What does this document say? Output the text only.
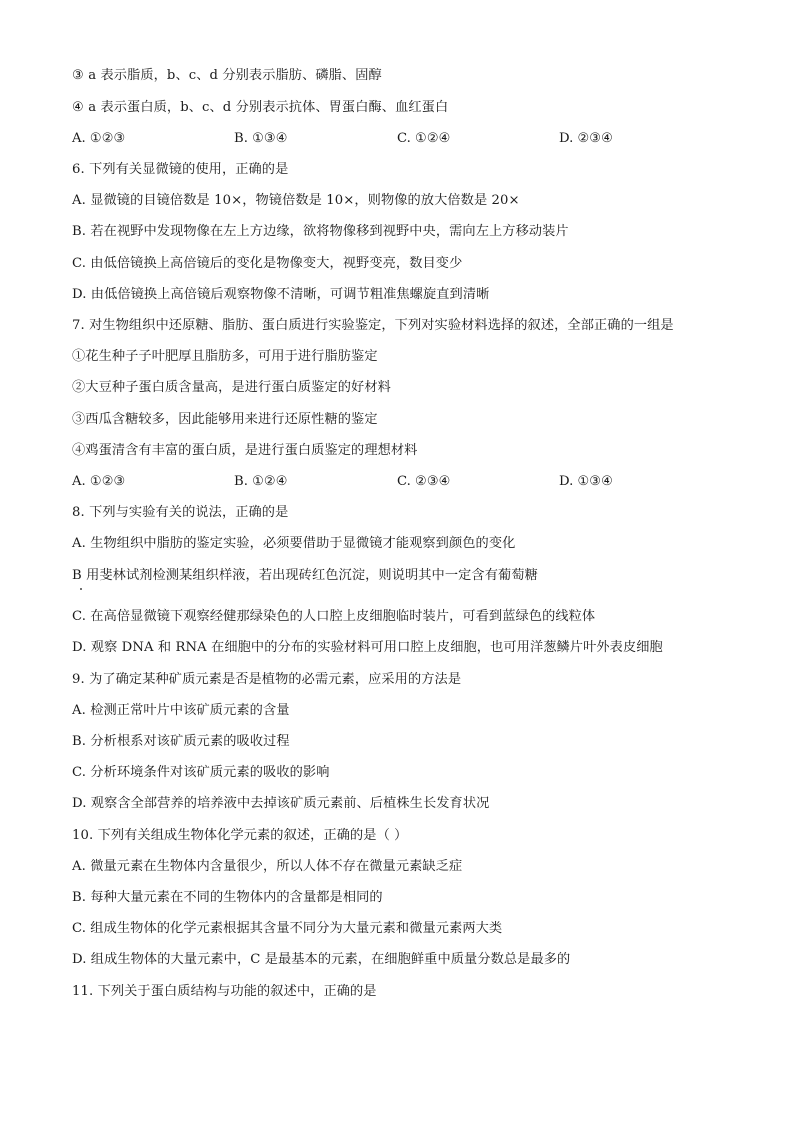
③ a 表示脂质，b、c、d 分别表示脂肪、磷脂、固醇
④ a 表示蛋白质，b、c、d 分别表示抗体、胃蛋白酶、血红蛋白
A. ①②③	B. ①③④	C. ①②④	D. ②③④
6. 下列有关显微镜的使用，正确的是
A. 显微镜的目镜倍数是 10×，物镜倍数是 10×，则物像的放大倍数是 20×
B. 若在视野中发现物像在左上方边缘，欲将物像移到视野中央，需向左上方移动装片
C. 由低倍镜换上高倍镜后的变化是物像变大，视野变亮，数目变少
D. 由低倍镜换上高倍镜后观察物像不清晰，可调节粗准焦螺旋直到清晰
7. 对生物组织中还原糖、脂肪、蛋白质进行实验鉴定，下列对实验材料选择的叙述，全部正确的一组是
①花生种子子叶肥厚且脂肪多，可用于进行脂肪鉴定
②大豆种子蛋白质含量高，是进行蛋白质鉴定的好材料
③西瓜含糖较多，因此能够用来进行还原性糖的鉴定
④鸡蛋清含有丰富的蛋白质，是进行蛋白质鉴定的理想材料
A. ①②③	B. ①②④	C. ②③④	D. ①③④
8. 下列与实验有关的说法，正确的是
A. 生物组织中脂肪的鉴定实验，必须要借助于显微镜才能观察到颜色的变化
B 用斐林试剂检测某组织样液，若出现砖红色沉淀，则说明其中一定含有葡萄糖
C. 在高倍显微镜下观察经健那绿染色的人口腔上皮细胞临时装片，可看到蓝绿色的线粒体
D. 观察 DNA 和 RNA 在细胞中的分布的实验材料可用口腔上皮细胞，也可用洋葱鳞片叶外表皮细胞
9. 为了确定某种矿质元素是否是植物的必需元素，应采用的方法是
A. 检测正常叶片中该矿质元素的含量
B. 分析根系对该矿质元素的吸收过程
C. 分析环境条件对该矿质元素的吸收的影响
D. 观察含全部营养的培养液中去掉该矿质元素前、后植株生长发育状况
10. 下列有关组成生物体化学元素的叙述，正确的是（ ）
A. 微量元素在生物体内含量很少，所以人体不存在微量元素缺乏症
B. 每种大量元素在不同的生物体内的含量都是相同的
C. 组成生物体的化学元素根据其含量不同分为大量元素和微量元素两大类
D. 组成生物体的大量元素中，C 是最基本的元素，在细胞鲜重中质量分数总是最多的
11. 下列关于蛋白质结构与功能的叙述中，正确的是
